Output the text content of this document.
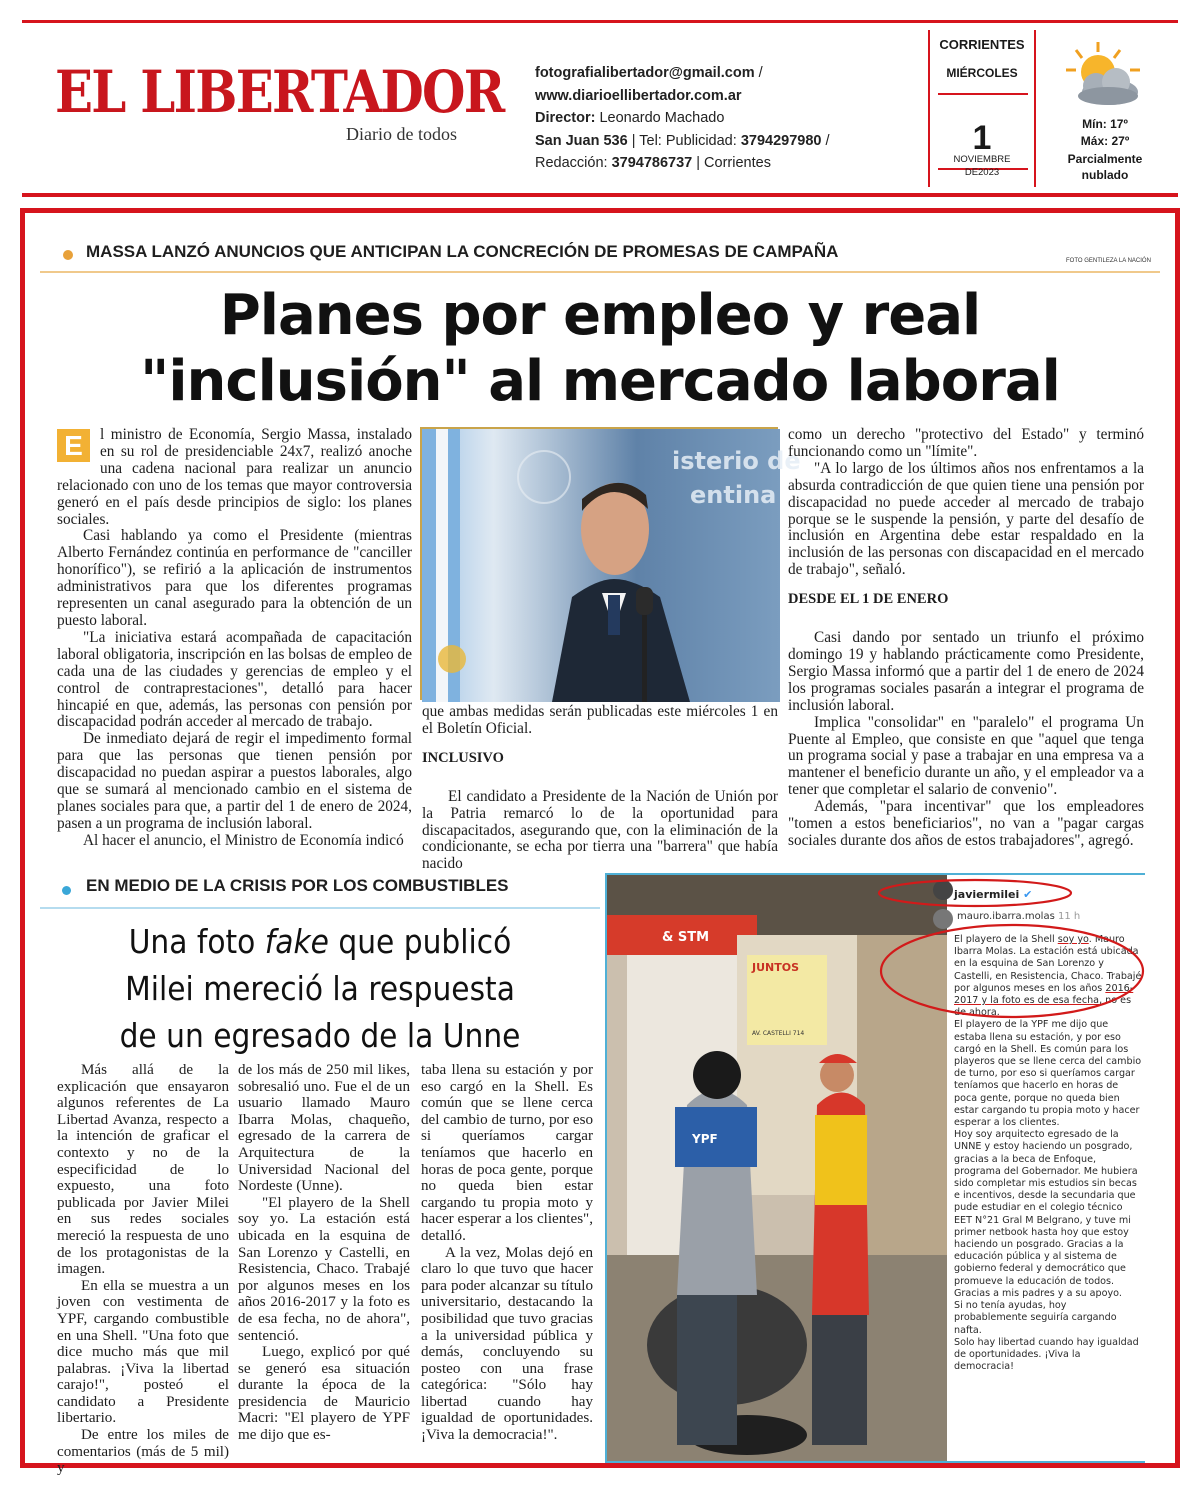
EL LIBERTADOR
Diario de todos
fotografialibertador@gmail.com /
www.diarioellibertador.com.ar
Director: Leonardo Machado
San Juan 536 | Tel: Publicidad: 3794297980 /
Redacción: 3794786737 | Corrientes
CORRIENTES
MIÉRCOLES
1
NOVIEMBRE
DE2023
Mín: 17º
Máx: 27º
Parcialmente
nublado
MASSA LANZÓ ANUNCIOS QUE ANTICIPAN LA CONCRECIÓN DE PROMESAS DE CAMPAÑA	FOTO GENTILEZA LA NACIÓN
Planes por empleo y real
"inclusión" al mercado laboral

E	l ministro de Economía, Sergio Massa, instalado en su rol de presidenciable 24x7, realizó anoche una cadena nacional para realizar un anuncio relacionado con uno de los temas que mayor controversia generó en el país desde principios de siglo: los planes sociales.

Casi hablando ya como el Presidente (mientras Alberto Fernández continúa en performance de "canciller honorífico"), se refirió a la aplicación de instrumentos administrativos para que los diferentes programas representen un canal asegurado para la obtención de un puesto laboral.

"La iniciativa estará acompañada de capacitación laboral obligatoria, inscripción en las bolsas de empleo de cada una de las ciudades y gerencias de empleo y el control de contraprestaciones", detalló para hacer hincapié en que, además, las personas con pensión por discapacidad podrán acceder al mercado de trabajo.

De inmediato dejará de regir el impedimento formal para que las personas que tienen pensión por discapacidad no puedan aspirar a puestos laborales, algo que se sumará al mencionado cambio en el sistema de planes sociales para que, a partir del 1 de enero de 2024, pasen a un programa de inclusión laboral.

Al hacer el anuncio, el Ministro de Economía indicó

isterio de
entina

que ambas medidas serán publicadas este miércoles 1 en el Boletín Oficial.

INCLUSIVO

El candidato a Presidente de la Nación de Unión por la Patria remarcó lo de la oportunidad para discapacitados, asegurando que, con la eliminación de la condicionante, se echa por tierra una "barrera" que había nacido

como un derecho "protectivo del Estado" y terminó funcionando como un "límite".

"A lo largo de los últimos años nos enfrentamos a la absurda contradicción de que quien tiene una pensión por discapacidad no puede acceder al mercado de trabajo porque se le suspende la pensión, y parte del desafío de inclusión en Argentina debe estar respaldado en la inclusión de las personas con discapacidad en el mercado de trabajo", señaló.

DESDE EL 1 DE ENERO

Casi dando por sentado un triunfo el próximo domingo 19 y hablando prácticamente como Presidente, Sergio Massa informó que a partir del 1 de enero de 2024 los programas sociales pasarán a integrar el programa de inclusión laboral.

Implica "consolidar" en "paralelo" el programa Un Puente al Empleo, que consiste en que "aquel que tenga un programa social y pase a trabajar en una empresa va a mantener el beneficio durante un año, y el empleador va a tener que completar el salario de convenio".

Además, "para incentivar" que los empleadores "tomen a estos beneficiarios", no van a "pagar cargas sociales durante dos años de estos trabajadores", agregó.

EN MEDIO DE LA CRISIS POR LOS COMBUSTIBLES
Una foto fake que publicó
Milei mereció la respuesta
de un egresado de la Unne

Más allá de la explicación que ensayaron algunos referentes de La Libertad Avanza, respecto a la intención de graficar el contexto y no de la especificidad de lo expuesto, una foto publicada por Javier Milei en sus redes sociales mereció la respuesta de uno de los protagonistas de la imagen.

En ella se muestra a un joven con vestimenta de YPF, cargando combustible en una Shell. "Una foto que dice mucho más que mil palabras. ¡Viva la libertad carajo!", posteó el candidato a Presidente libertario.

De entre los miles de comentarios (más de 5 mil) y

de los más de 250 mil likes, sobresalió uno. Fue el de un usuario llamado Mauro Ibarra Molas, chaqueño, egresado de la carrera de Arquitectura de la Universidad Nacional del Nordeste (Unne).

"El playero de la Shell soy yo. La estación está ubicada en la esquina de San Lorenzo y Castelli, en Resistencia, Chaco. Trabajé por algunos meses en los años 2016-2017 y la foto es de esa fecha, no de ahora", sentenció.

Luego, explicó por qué se generó esa situación durante la época de la presidencia de Mauricio Macri: "El playero de YPF me dijo que es-

taba llena su estación y por eso cargó en la Shell. Es común que se llene cerca del cambio de turno, por eso si queríamos cargar teníamos que hacerlo en horas de poca gente, porque no queda bien estar cargando tu propia moto y hacer esperar a los clientes", detalló.

A la vez, Molas dejó en claro lo que tuvo que hacer para poder alcanzar su título universitario, destacando la posibilidad que tuvo gracias a la universidad pública y demás, concluyendo su posteo con una frase categórica: "Sólo hay libertad cuando hay igualdad de oportunidades. ¡Viva la democracia!".

& STM
JUNTOS
AV. CASTELLI 714
YPF
javiermilei ✔
mauro.ibarra.molas 11 h
El playero de la Shell soy yo. Mauro Ibarra Molas. La estación está ubicada en la esquina de San Lorenzo y Castelli, en Resistencia, Chaco. Trabajé por algunos meses en los años 2016-2017 y la foto es de esa fecha, no es de ahora.
El playero de la YPF me dijo que estaba llena su estación, y por eso cargó en la Shell. Es común para los playeros que se llene cerca del cambio de turno, por eso si queríamos cargar teníamos que hacerlo en horas de poca gente, porque no queda bien estar cargando tu propia moto y hacer esperar a los clientes.
Hoy soy arquitecto egresado de la UNNE y estoy haciendo un posgrado, gracias a la beca de Enfoque, programa del Gobernador. Me hubiera sido completar mis estudios sin becas e incentivos, desde la secundaria que pude estudiar en el colegio técnico EET N°21 Gral M Belgrano, y tuve mi primer netbook hasta hoy que estoy haciendo un posgrado. Gracias a la educación pública y al sistema de gobierno federal y democrático que promueve la educación de todos. Gracias a mis padres y a su apoyo.
Si no tenía ayudas, hoy probablemente seguiría cargando nafta.
Solo hay libertad cuando hay igualdad de oportunidades. ¡Viva la democracia!
